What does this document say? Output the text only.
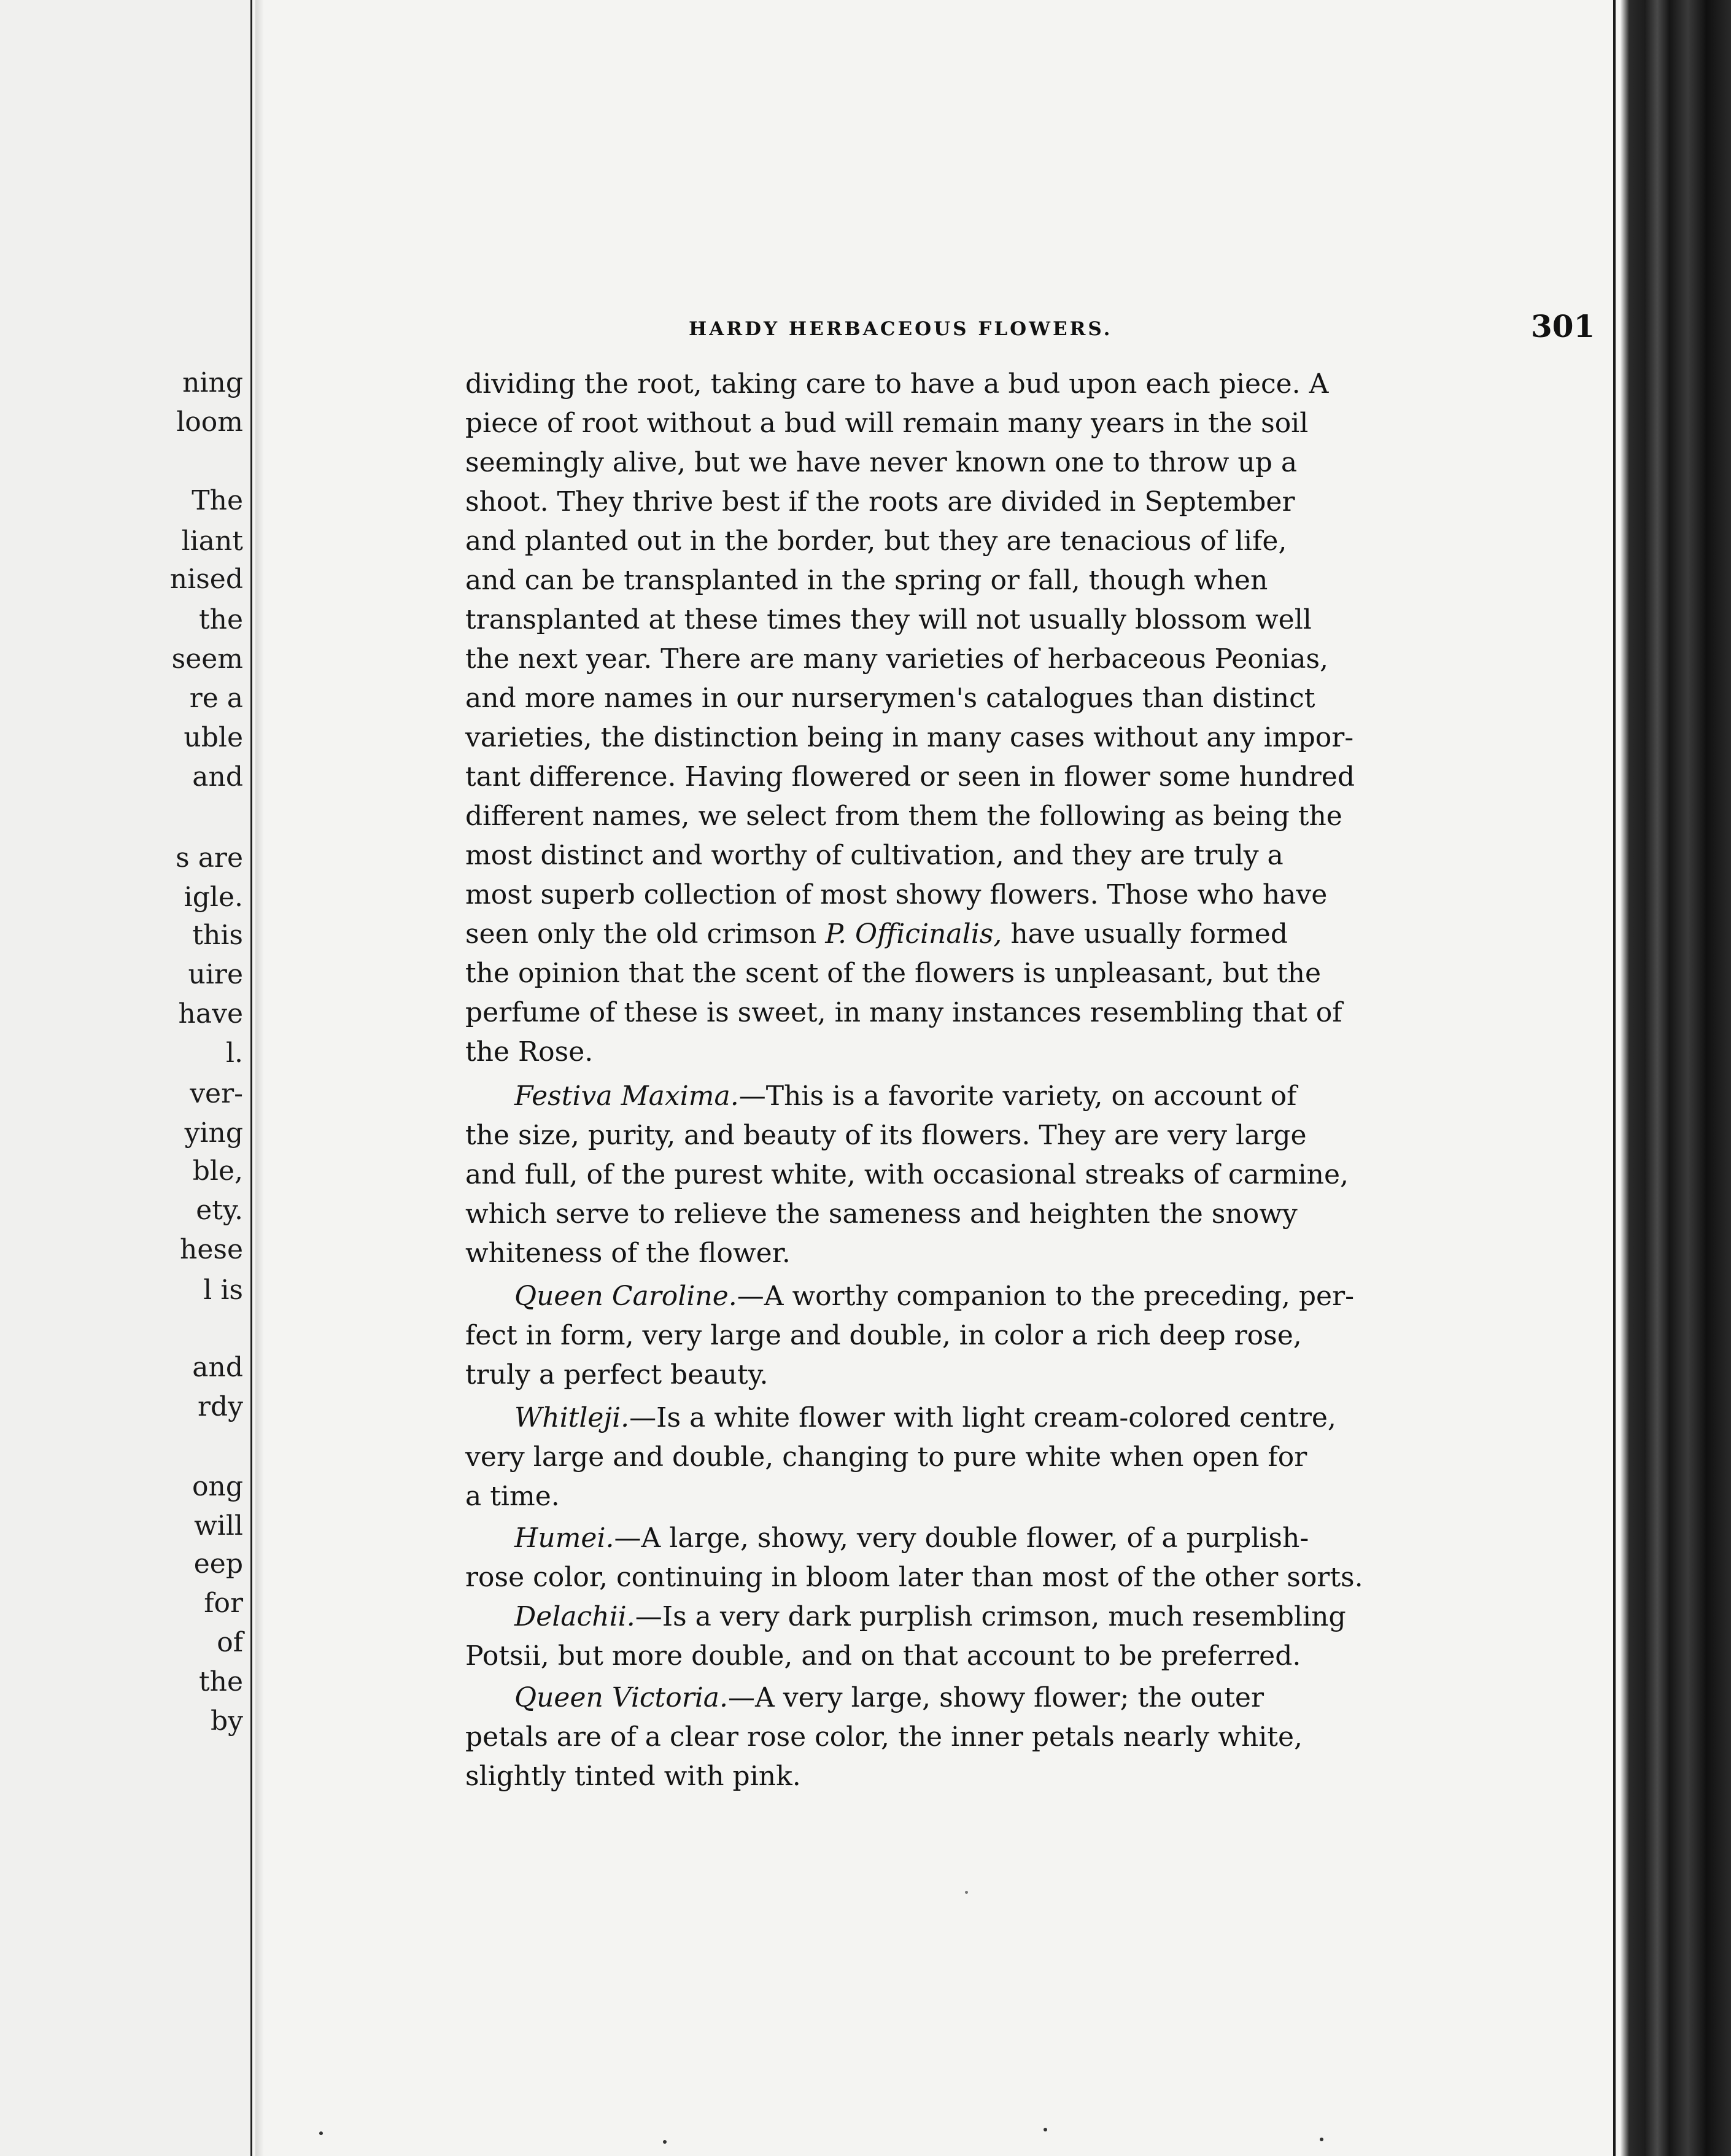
ning
loom
The
liant
nised
the
seem
re a
uble
and
s are
igle.
this
uire
have
l.
ver-
ying
ble,
ety.
hese
l is
and
rdy
ong
will
eep
for
of
the
by
HARDY HERBACEOUS FLOWERS.	301
dividing the root, taking care to have a bud upon each piece. A
piece of root without a bud will remain many years in the soil
seemingly alive, but we have never known one to throw up a
shoot. They thrive best if the roots are divided in September
and planted out in the border, but they are tenacious of life,
and can be transplanted in the spring or fall, though when
transplanted at these times they will not usually blossom well
the next year. There are many varieties of herbaceous Peonias,
and more names in our nurserymen's catalogues than distinct
varieties, the distinction being in many cases without any impor-
tant difference. Having flowered or seen in flower some hundred
different names, we select from them the following as being the
most distinct and worthy of cultivation, and they are truly a
most superb collection of most showy flowers. Those who have
seen only the old crimson P. Officinalis, have usually formed
the opinion that the scent of the flowers is unpleasant, but the
perfume of these is sweet, in many instances resembling that of
the Rose.
Festiva Maxima.—This is a favorite variety, on account of
the size, purity, and beauty of its flowers. They are very large
and full, of the purest white, with occasional streaks of carmine,
which serve to relieve the sameness and heighten the snowy
whiteness of the flower.
Queen Caroline.—A worthy companion to the preceding, per-
fect in form, very large and double, in color a rich deep rose,
truly a perfect beauty.
Whitleji.—Is a white flower with light cream-colored centre,
very large and double, changing to pure white when open for
a time.
Humei.—A large, showy, very double flower, of a purplish-
rose color, continuing in bloom later than most of the other sorts.
Delachii.—Is a very dark purplish crimson, much resembling
Potsii, but more double, and on that account to be preferred.
Queen Victoria.—A very large, showy flower; the outer
petals are of a clear rose color, the inner petals nearly white,
slightly tinted with pink.
